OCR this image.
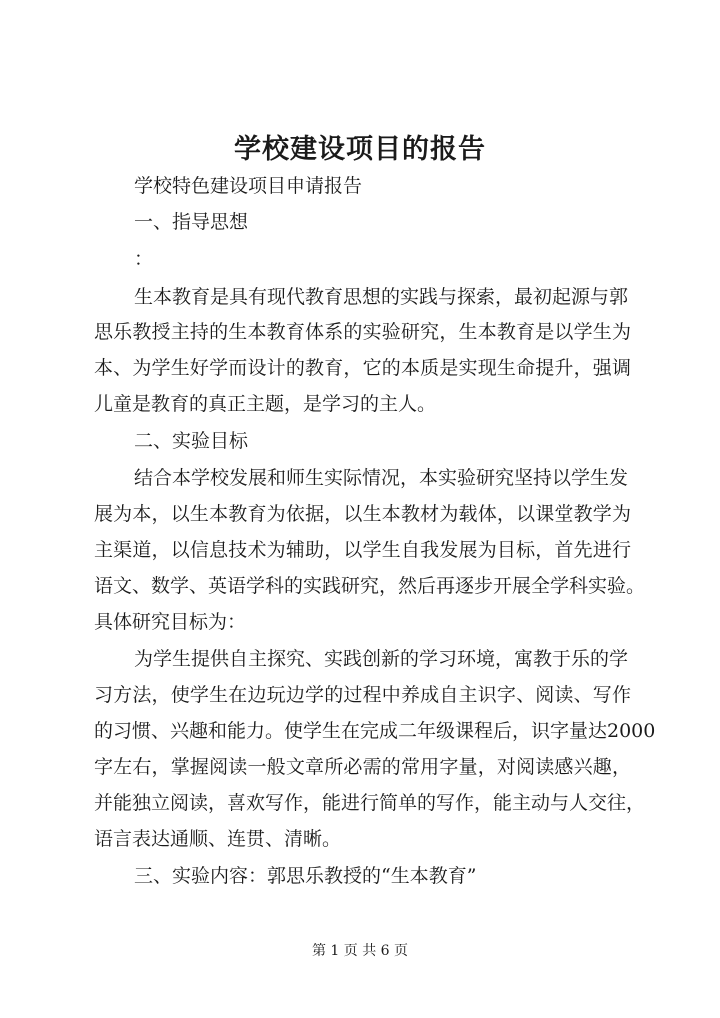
学校建设项目的报告

学校特色建设项目申请报告

一、指导思想

：

生本教育是具有现代教育思想的实践与探索，最初起源与郭

思乐教授主持的生本教育体系的实验研究，生本教育是以学生为

本、为学生好学而设计的教育，它的本质是实现生命提升，强调

儿童是教育的真正主题，是学习的主人。

二、实验目标

结合本学校发展和师生实际情况，本实验研究坚持以学生发

展为本，以生本教育为依据，以生本教材为载体，以课堂教学为

主渠道，以信息技术为辅助，以学生自我发展为目标，首先进行

语文、数学、英语学科的实践研究，然后再逐步开展全学科实验。

具体研究目标为：

为学生提供自主探究、实践创新的学习环境，寓教于乐的学

习方法，使学生在边玩边学的过程中养成自主识字、阅读、写作

的习惯、兴趣和能力。使学生在完成二年级课程后，识字量达2000

字左右，掌握阅读一般文章所必需的常用字量，对阅读感兴趣，

并能独立阅读，喜欢写作，能进行简单的写作，能主动与人交往，

语言表达通顺、连贯、清晰。

三、实验内容：郭思乐教授的“生本教育”

第 1 页 共 6 页
